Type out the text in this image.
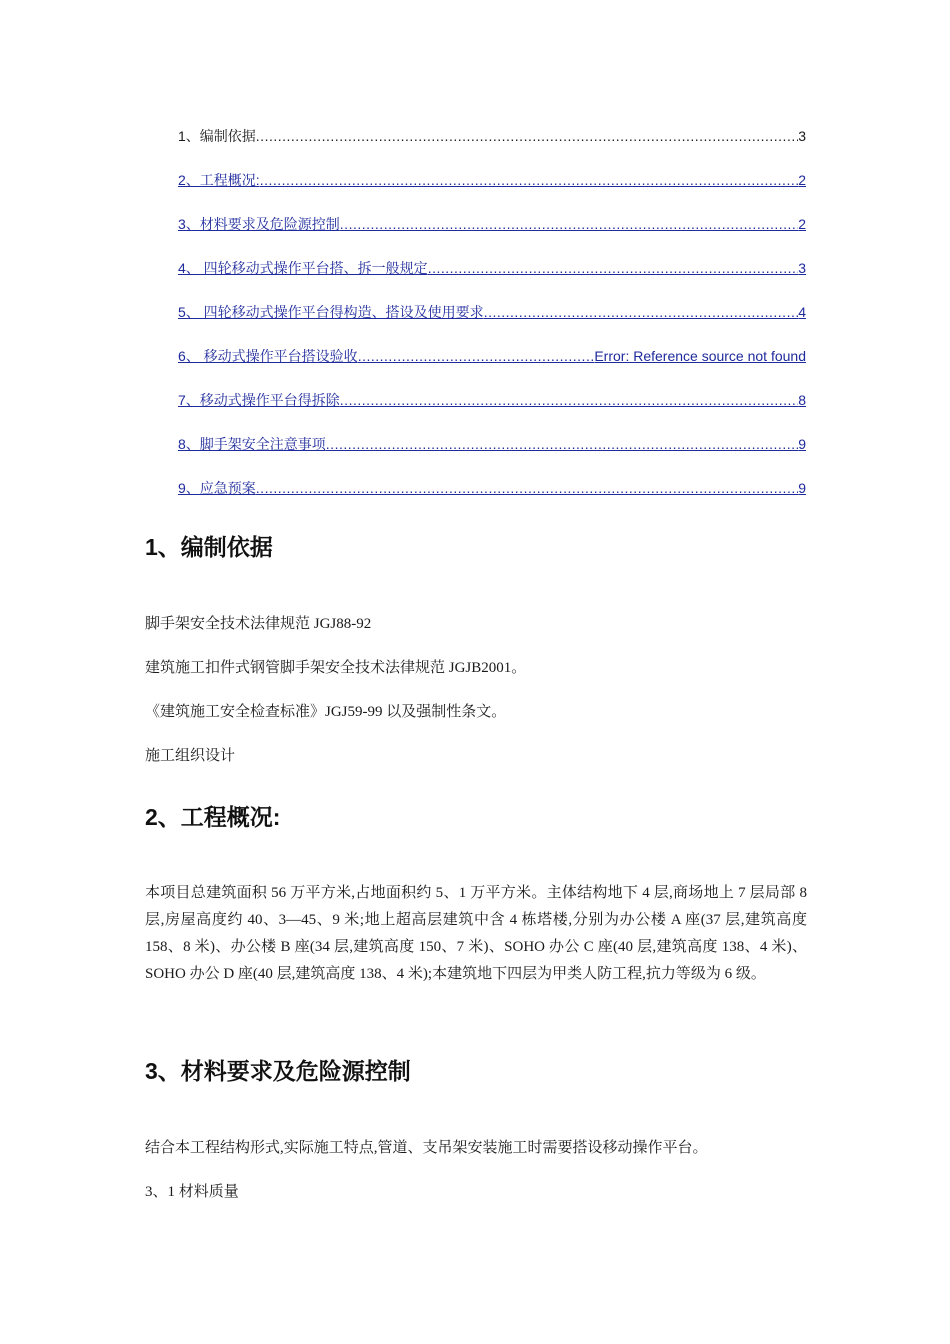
1、编制依据 .....	3
2、工程概况: .....	2
3、材料要求及危险源控制 .....	2
4、 四轮移动式操作平台搭、拆一般规定 .....	3
5、 四轮移动式操作平台得构造、搭设及使用要求 .....	4
6、 移动式操作平台搭设验收 .....	Error: Reference source not found
7、移动式操作平台得拆除 .....	8
8、脚手架安全注意事项 .....	9
9、应急预案 .....	9
1、编制依据

脚手架安全技术法律规范 JGJ88-92

建筑施工扣件式钢管脚手架安全技术法律规范 JGJB2001。

《建筑施工安全检查标准》JGJ59-99 以及强制性条文。

施工组织设计

2、工程概况:

本项目总建筑面积 56 万平方米,占地面积约 5、1 万平方米。主体结构地下 4 层,商场地上 7 层局部 8 层,房屋高度约 40、3—45、9 米;地上超高层建筑中含 4 栋塔楼,分别为办公楼 A 座(37 层,建筑高度 158、8 米)、办公楼 B 座(34 层,建筑高度 150、7 米)、SOHO 办公 C 座(40 层,建筑高度 138、4 米)、SOHO 办公 D 座(40 层,建筑高度 138、4 米);本建筑地下四层为甲类人防工程,抗力等级为 6 级。

3、材料要求及危险源控制

结合本工程结构形式,实际施工特点,管道、支吊架安装施工时需要搭设移动操作平台。

3、1 材料质量
